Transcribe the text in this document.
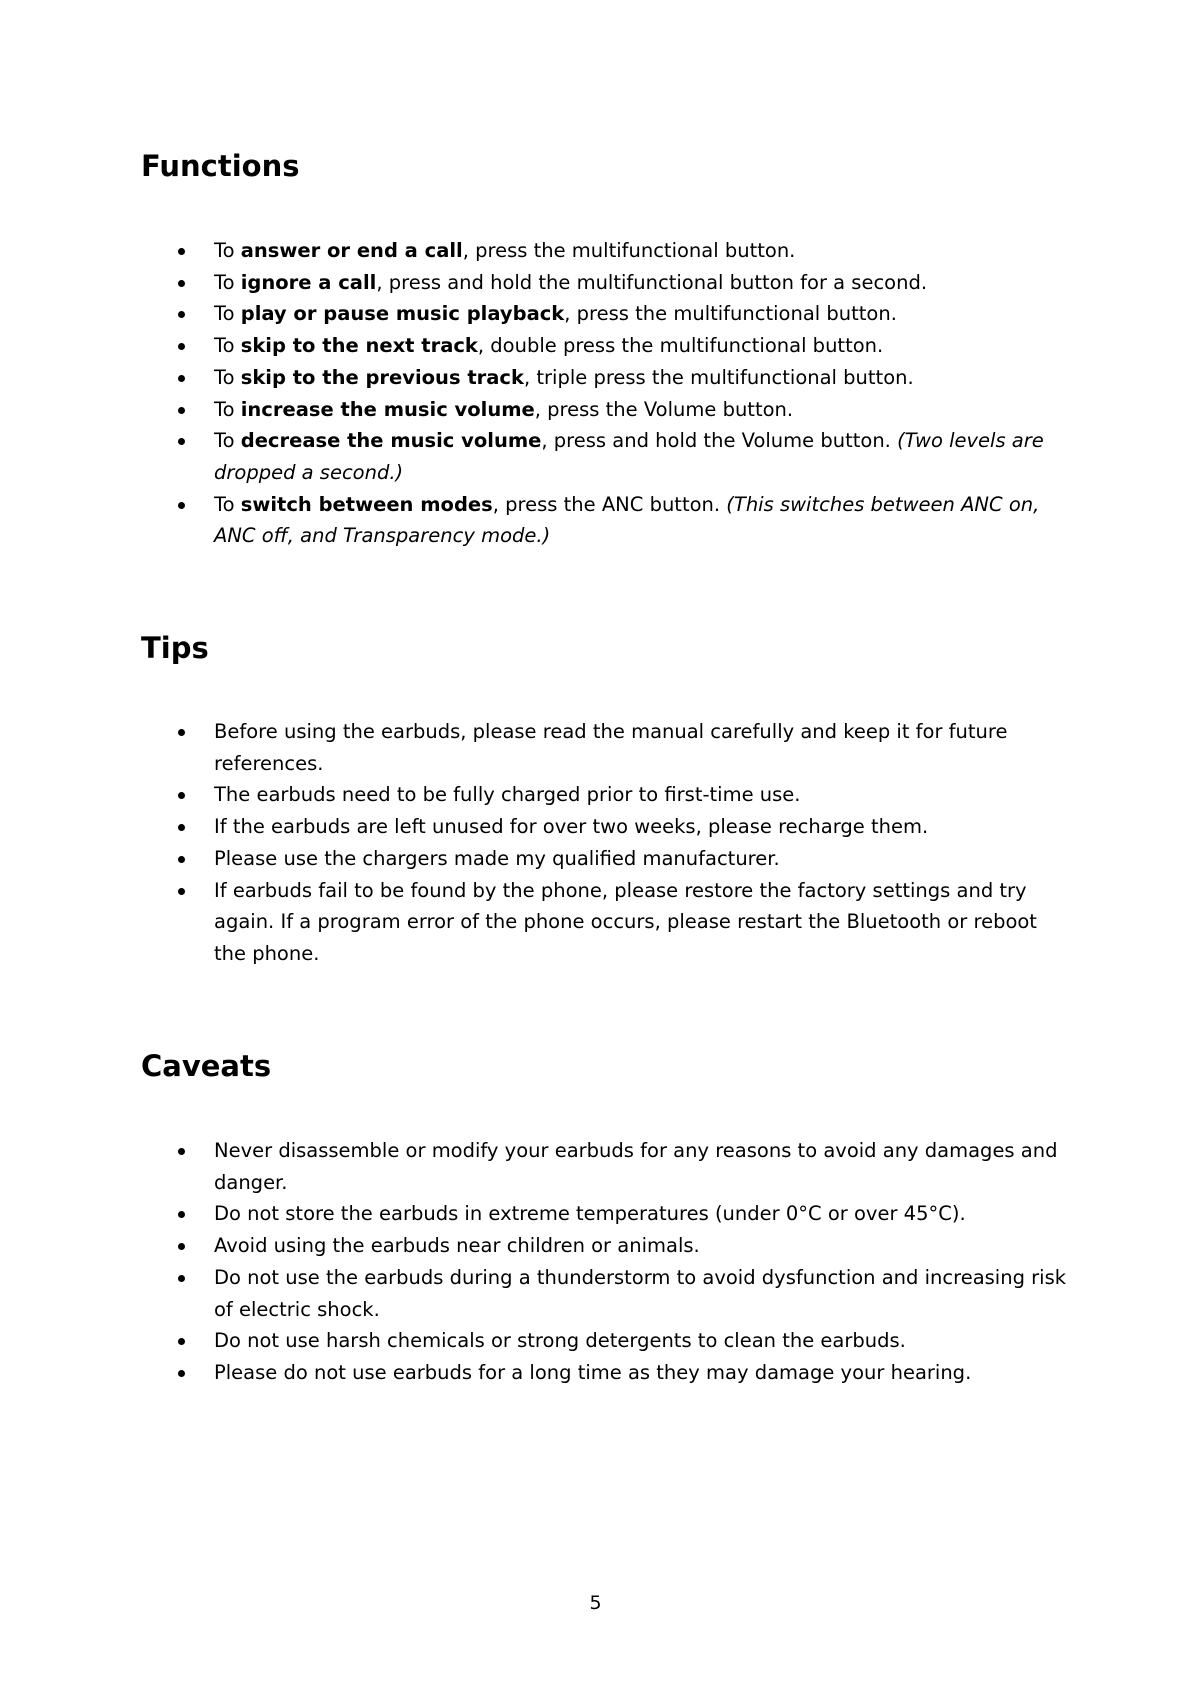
Functions
To answer or end a call, press the multifunctional button.
To ignore a call, press and hold the multifunctional button for a second.
To play or pause music playback, press the multifunctional button.
To skip to the next track, double press the multifunctional button.
To skip to the previous track, triple press the multifunctional button.
To increase the music volume, press the Volume button.
To decrease the music volume, press and hold the Volume button. (Two levels are dropped a second.)
To switch between modes, press the ANC button. (This switches between ANC on, ANC off, and Transparency mode.)
Tips
Before using the earbuds, please read the manual carefully and keep it for future references.
The earbuds need to be fully charged prior to first-time use.
If the earbuds are left unused for over two weeks, please recharge them.
Please use the chargers made my qualified manufacturer.
If earbuds fail to be found by the phone, please restore the factory settings and try again. If a program error of the phone occurs, please restart the Bluetooth or reboot the phone.
Caveats
Never disassemble or modify your earbuds for any reasons to avoid any damages and danger.
Do not store the earbuds in extreme temperatures (under 0°C or over 45°C).
Avoid using the earbuds near children or animals.
Do not use the earbuds during a thunderstorm to avoid dysfunction and increasing risk of electric shock.
Do not use harsh chemicals or strong detergents to clean the earbuds.
Please do not use earbuds for a long time as they may damage your hearing.
5
